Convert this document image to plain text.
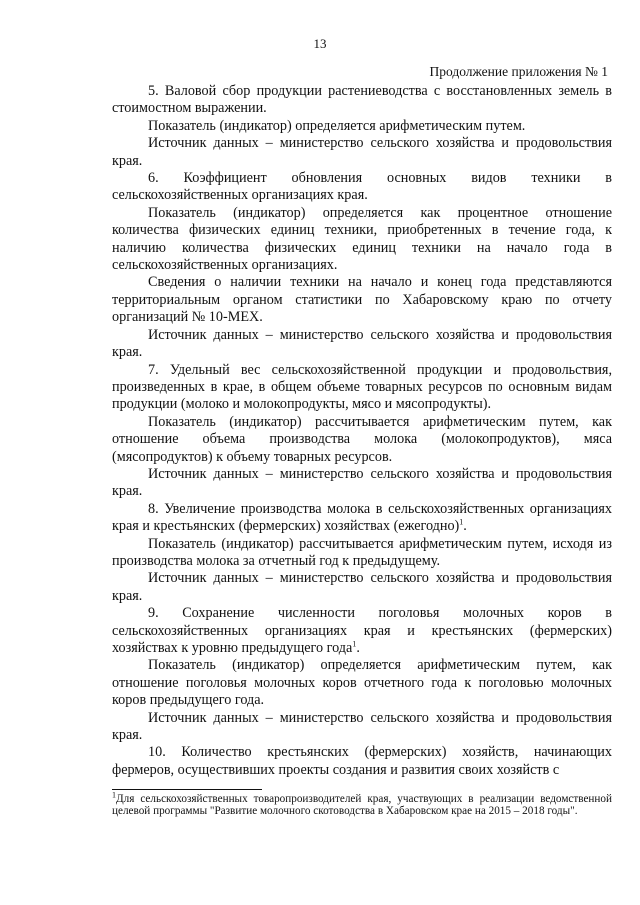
13
Продолжение приложения № 1

5. Валовой сбор продукции растениеводства с восстановленных земель в стоимостном выражении.

Показатель (индикатор) определяется арифметическим путем.

Источник данных – министерство сельского хозяйства и продовольствия края.

6. Коэффициент обновления основных видов техники в сельскохозяйственных организациях края.

Показатель (индикатор) определяется как процентное отношение количества физических единиц техники, приобретенных в течение года, к наличию количества физических единиц техники на начало года в сельскохозяйственных организациях.

Сведения о наличии техники на начало и конец года представляются территориальным органом статистики по Хабаровскому краю по отчету организаций № 10-МЕХ.

Источник данных – министерство сельского хозяйства и продовольствия края.

7. Удельный вес сельскохозяйственной продукции и продовольствия, произведенных в крае, в общем объеме товарных ресурсов по основным видам продукции (молоко и молокопродукты, мясо и мясопродукты).

Показатель (индикатор) рассчитывается арифметическим путем, как отношение объема производства молока (молокопродуктов), мяса (мясопродуктов) к объему товарных ресурсов.

Источник данных – министерство сельского хозяйства и продовольствия края.

8. Увеличение производства молока в сельскохозяйственных организациях края и крестьянских (фермерских) хозяйствах (ежегодно)$^1$.

Показатель (индикатор) рассчитывается арифметическим путем, исходя из производства молока за отчетный год к предыдущему.

Источник данных – министерство сельского хозяйства и продовольствия края.

9. Сохранение численности поголовья молочных коров в сельскохозяйственных организациях края и крестьянских (фермерских) хозяйствах к уровню предыдущего года$^1$.

Показатель (индикатор) определяется арифметическим путем, как отношение поголовья молочных коров отчетного года к поголовью молочных коров предыдущего года.

Источник данных – министерство сельского хозяйства и продовольствия края.

10. Количество крестьянских (фермерских) хозяйств, начинающих фермеров, осуществивших проекты создания и развития своих хозяйств с

$^1$Для сельскохозяйственных товаропроизводителей края, участвующих в реализации ведомственной целевой программы "Развитие молочного скотоводства в Хабаровском крае на 2015 – 2018 годы".
